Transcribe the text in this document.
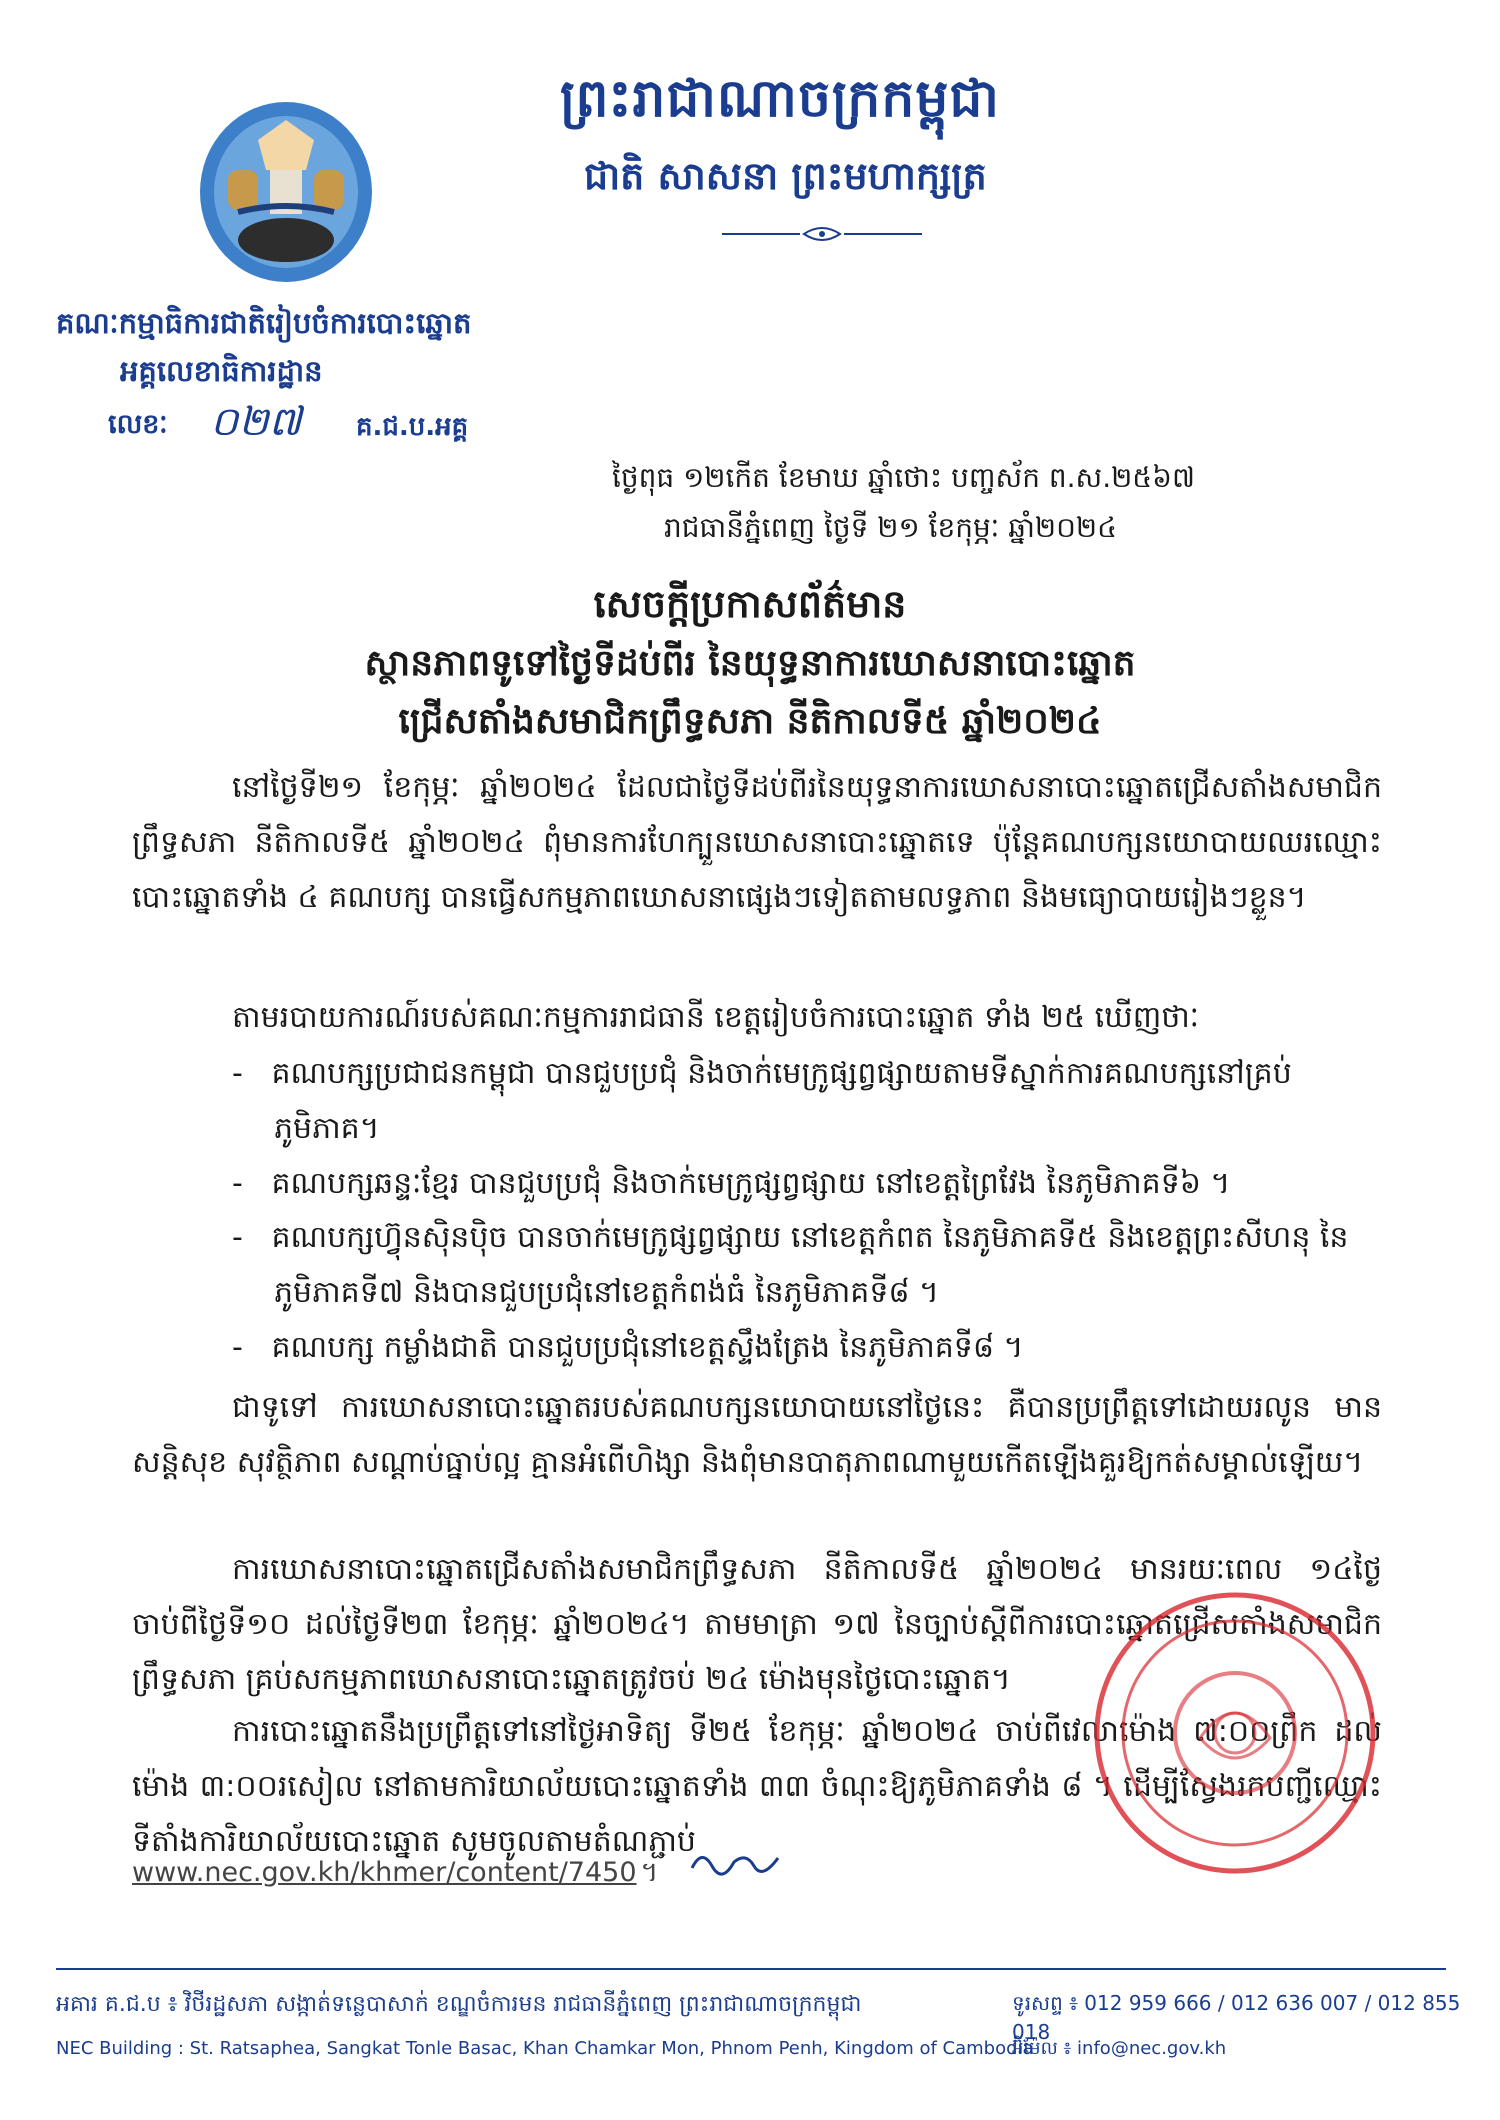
ព្រះរាជាណាចក្រកម្ពុជា
ជាតិ សាសនា ព្រះមហាក្សត្រ
គណៈកម្មាធិការជាតិរៀបចំការបោះឆ្នោត
អគ្គលេខាធិការដ្ឋាន
លេខៈ ០២៧ គ.ជ.ប.អគ្គ
ថ្ងៃពុធ ១២កើត ខែមាឃ ឆ្នាំថោះ បញ្ចស័ក ព.ស.២៥៦៧
រាជធានីភ្នំពេញ ថ្ងៃទី ២១ ខែកុម្ភៈ ឆ្នាំ២០២៤
សេចក្តីប្រកាសព័ត៌មាន
ស្ថានភាពទូទៅថ្ងៃទីដប់ពីរ នៃយុទ្ធនាការឃោសនាបោះឆ្នោត
ជ្រើសតាំងសមាជិកព្រឹទ្ធសភា នីតិកាលទី៥ ឆ្នាំ២០២៤
នៅថ្ងៃទី២១ ខែកុម្ភៈ ឆ្នាំ២០២៤ ដែលជាថ្ងៃទីដប់ពីរនៃយុទ្ធនាការឃោសនាបោះឆ្នោតជ្រើសតាំងសមាជិកព្រឹទ្ធសភា នីតិកាលទី៥ ឆ្នាំ២០២៤ ពុំមានការហែក្បួនឃោសនាបោះឆ្នោតទេ ប៉ុន្តែគណបក្សនយោបាយឈរឈ្មោះបោះឆ្នោតទាំង ៤ គណបក្ស បានធ្វើសកម្មភាពឃោសនាផ្សេងៗទៀតតាមលទ្ធភាព និងមធ្យោបាយរៀងៗខ្លួន។
តាមរបាយការណ៍របស់គណៈកម្មការរាជធានី ខេត្តរៀបចំការបោះឆ្នោត ទាំង ២៥ ឃើញថាៈ
- គណបក្សប្រជាជនកម្ពុជា បានជួបប្រជុំ និងចាក់មេក្រូផ្សព្វផ្សាយតាមទីស្នាក់ការគណបក្សនៅគ្រប់ភូមិភាគ។
- គណបក្សឆន្ទៈខ្មែរ បានជួបប្រជុំ និងចាក់មេក្រូផ្សព្វផ្សាយ នៅខេត្តព្រៃវែង នៃភូមិភាគទី៦ ។
- គណបក្សហ៊្វុនស៊ិនប៉ិច បានចាក់មេក្រូផ្សព្វផ្សាយ នៅខេត្តកំពត នៃភូមិភាគទី៥ និងខេត្តព្រះសីហនុ នៃភូមិភាគទី៧ និងបានជួបប្រជុំនៅខេត្តកំពង់ធំ នៃភូមិភាគទី៨ ។
- គណបក្ស កម្លាំងជាតិ បានជួបប្រជុំនៅខេត្តស្ទឹងត្រែង នៃភូមិភាគទី៨ ។
ជាទូទៅ ការឃោសនាបោះឆ្នោតរបស់គណបក្សនយោបាយនៅថ្ងៃនេះ គឺបានប្រព្រឹត្តទៅដោយរលូន មានសន្តិសុខ សុវត្ថិភាព សណ្តាប់ធ្នាប់ល្អ គ្មានអំពើហិង្សា និងពុំមានបាតុភាពណាមួយកើតឡើងគួរឱ្យកត់សម្គាល់ឡើយ។
ការឃោសនាបោះឆ្នោតជ្រើសតាំងសមាជិកព្រឹទ្ធសភា នីតិកាលទី៥ ឆ្នាំ២០២៤ មានរយៈពេល ១៤ថ្ងៃ ចាប់ពីថ្ងៃទី១០ ដល់ថ្ងៃទី២៣ ខែកុម្ភៈ ឆ្នាំ២០២៤។ តាមមាត្រា ១៧ នៃច្បាប់ស្តីពីការបោះឆ្នោតជ្រើសតាំងសមាជិកព្រឹទ្ធសភា គ្រប់សកម្មភាពឃោសនាបោះឆ្នោតត្រូវចប់ ២៤ ម៉ោងមុនថ្ងៃបោះឆ្នោត។
ការបោះឆ្នោតនឹងប្រព្រឹត្តទៅនៅថ្ងៃអាទិត្យ ទី២៥ ខែកុម្ភៈ ឆ្នាំ២០២៤ ចាប់ពីវេលាម៉ោង ៧:០០ព្រឹក ដល់ម៉ោង ៣:០០រសៀល នៅតាមការិយាល័យបោះឆ្នោតទាំង ៣៣ ចំណុះឱ្យភូមិភាគទាំង ៨ ។ ដើម្បីស្វែងរកបញ្ជីឈ្មោះទីតាំងការិយាល័យបោះឆ្នោត សូមចូលតាមតំណភ្ជាប់
www.nec.gov.kh/khmer/content/7450 ។
អគារ គ.ជ.ប ៖ វិថីរដ្ឋសភា សង្កាត់ទន្លេបាសាក់ ខណ្ឌចំការមន រាជធានីភ្នំពេញ ព្រះរាជាណាចក្រកម្ពុជា
NEC Building : St. Ratsaphea, Sangkat Tonle Basac, Khan Chamkar Mon, Phnom Penh, Kingdom of Cambodia
ទូរសព្ទ ៖ 012 959 666 / 012 636 007 / 012 855 018
អ៊ីម៉ែល ៖ info@nec.gov.kh
